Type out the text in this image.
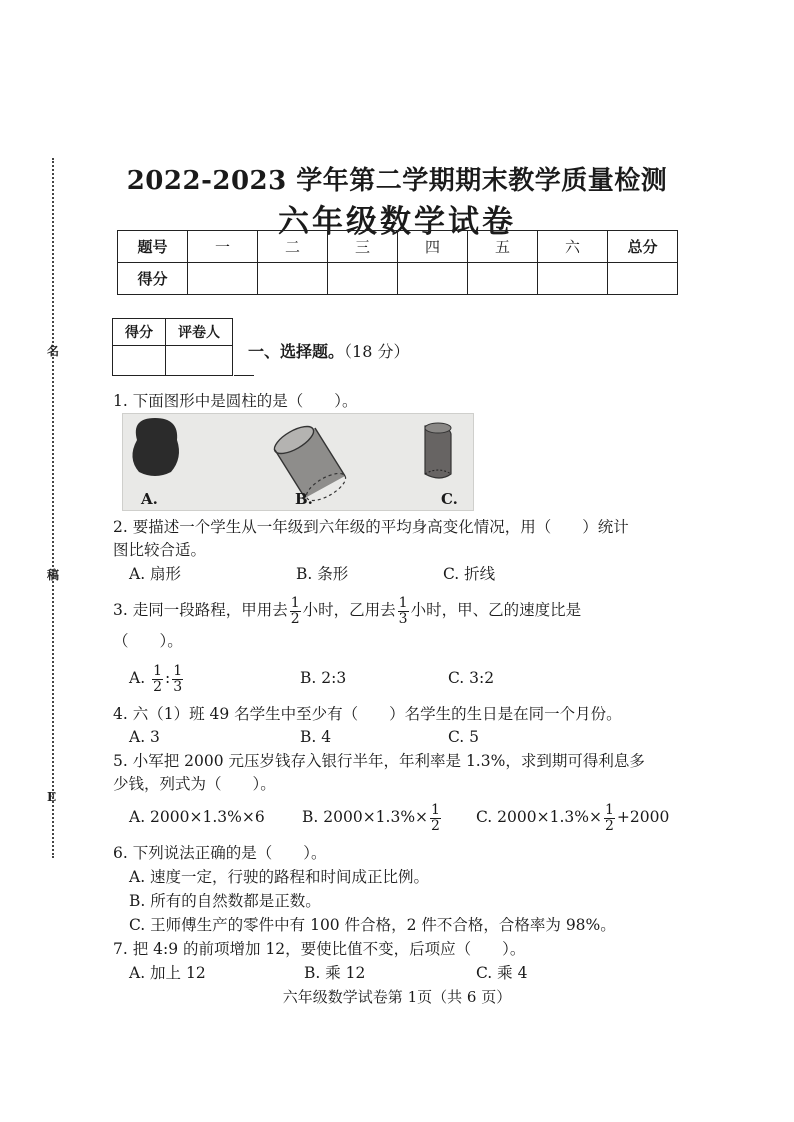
名
稿
E
2022-2023 学年第二学期期末教学质量检测
六年级数学试卷
题号	一	二	三	四	五	六	总分
得分							
得分	评卷人

一、选择题。（18 分）
1. 下面图形中是圆柱的是（　　）。
A.	B.	C.
2. 要描述一个学生从一年级到六年级的平均身高变化情况，用（　　）统计
图比较合适。
A. 扇形	B. 条形	C. 折线
3. 走同一段路程，甲用去 $\frac{1}{2}$ 小时，乙用去 $\frac{1}{3}$ 小时，甲、乙的速度比是
（　　）。
A. $\frac{1}{2}$ : $\frac{1}{3}$	B. 2:3	C. 3:2
4. 六（1）班 49 名学生中至少有（　　）名学生的生日是在同一个月份。
A. 3	B. 4	C. 5
5. 小军把 2000 元压岁钱存入银行半年，年利率是 1.3%，求到期可得利息多
少钱，列式为（　　）。
A. 2000×1.3%×6 B. $2000\times 1.3\%\times \frac{1}{2} C$. $2000\times 1.3\%\times \frac{1}{2} +2000$
6. 下列说法正确的是（　　）。
A. 速度一定，行驶的路程和时间成正比例。
B. 所有的自然数都是正数。
C. 王师傅生产的零件中有 100 件合格，2 件不合格，合格率为 98%。
7. 把 4:9 的前项增加 12，要使比值不变，后项应（　　）。
A. 加上 12	B. 乘 12	C. 乘 4
六年级数学试卷第 1页（共 6 页）
